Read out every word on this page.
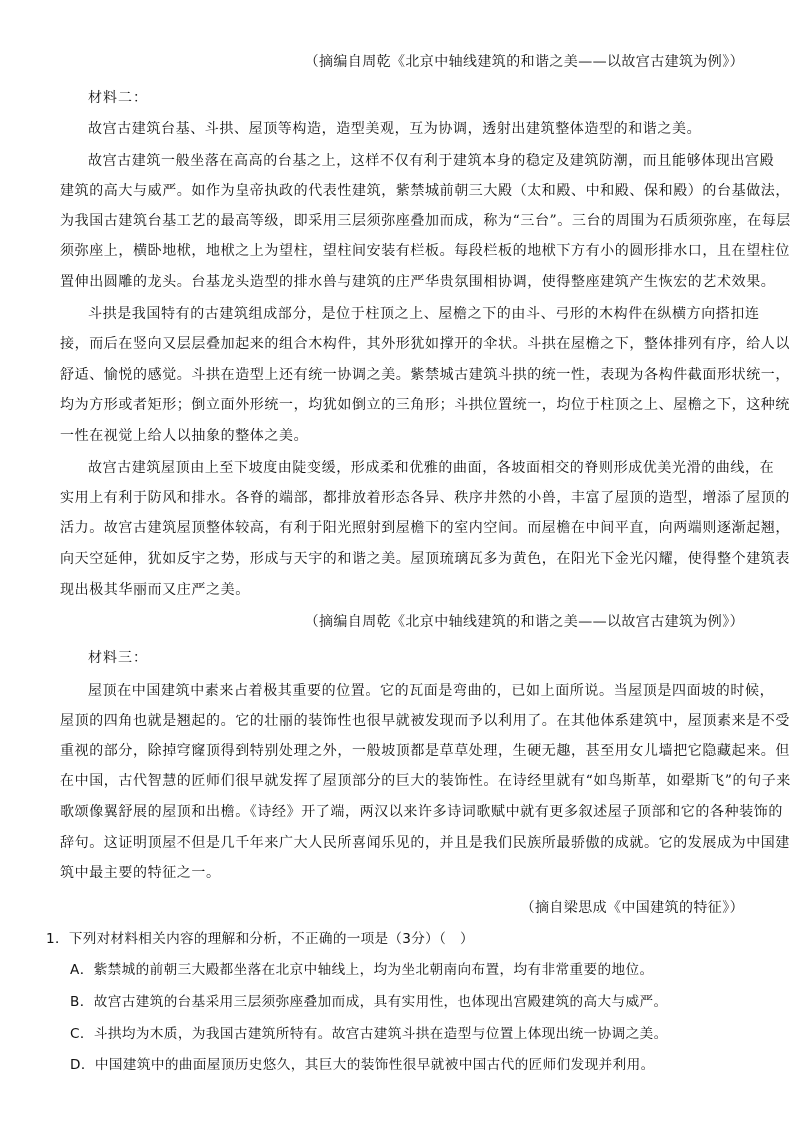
（摘编自周乾《北京中轴线建筑的和谐之美——以故宫古建筑为例》）
材料二：
故宫古建筑台基、斗拱、屋顶等构造，造型美观，互为协调，透射出建筑整体造型的和谐之美。
故宫古建筑一般坐落在高高的台基之上，这样不仅有利于建筑本身的稳定及建筑防潮，而且能够体现出宫殿
建筑的高大与威严。如作为皇帝执政的代表性建筑，紫禁城前朝三大殿（太和殿、中和殿、保和殿）的台基做法，
为我国古建筑台基工艺的最高等级，即采用三层须弥座叠加而成，称为“三台”。三台的周围为石质须弥座，在每层
须弥座上，横卧地栿，地栿之上为望柱，望柱间安装有栏板。每段栏板的地栿下方有小的圆形排水口，且在望柱位
置伸出圆雕的龙头。台基龙头造型的排水兽与建筑的庄严华贵氛围相协调，使得整座建筑产生恢宏的艺术效果。
斗拱是我国特有的古建筑组成部分，是位于柱顶之上、屋檐之下的由斗、弓形的木构件在纵横方向搭扣连
接，而后在竖向又层层叠加起来的组合木构件，其外形犹如撑开的伞状。斗拱在屋檐之下，整体排列有序，给人以
舒适、愉悦的感觉。斗拱在造型上还有统一协调之美。紫禁城古建筑斗拱的统一性，表现为各构件截面形状统一，
均为方形或者矩形；倒立面外形统一，均犹如倒立的三角形；斗拱位置统一，均位于柱顶之上、屋檐之下，这种统
一性在视觉上给人以抽象的整体之美。
故宫古建筑屋顶由上至下坡度由陡变缓，形成柔和优雅的曲面，各坡面相交的脊则形成优美光滑的曲线，在
实用上有利于防风和排水。各脊的端部，都排放着形态各异、秩序井然的小兽，丰富了屋顶的造型，增添了屋顶的
活力。故宫古建筑屋顶整体较高，有利于阳光照射到屋檐下的室内空间。而屋檐在中间平直，向两端则逐渐起翘，
向天空延伸，犹如反宇之势，形成与天宇的和谐之美。屋顶琉璃瓦多为黄色，在阳光下金光闪耀，使得整个建筑表
现出极其华丽而又庄严之美。
（摘编自周乾《北京中轴线建筑的和谐之美——以故宫古建筑为例》）
材料三：
屋顶在中国建筑中素来占着极其重要的位置。它的瓦面是弯曲的，已如上面所说。当屋顶是四面坡的时候，
屋顶的四角也就是翘起的。它的壮丽的装饰性也很早就被发现而予以利用了。在其他体系建筑中，屋顶素来是不受
重视的部分，除掉穹窿顶得到特别处理之外，一般坡顶都是草草处理，生硬无趣，甚至用女儿墙把它隐藏起来。但
在中国，古代智慧的匠师们很早就发挥了屋顶部分的巨大的装饰性。在诗经里就有“如鸟斯革，如翚斯飞”的句子来
歌颂像翼舒展的屋顶和出檐。《诗经》开了端，两汉以来许多诗词歌赋中就有更多叙述屋子顶部和它的各种装饰的
辞句。这证明顶屋不但是几千年来广大人民所喜闻乐见的，并且是我们民族所最骄傲的成就。它的发展成为中国建
筑中最主要的特征之一。
（摘自梁思成《中国建筑的特征》）
1．下列对材料相关内容的理解和分析，不正确的一项是（3分）（　）
A．紫禁城的前朝三大殿都坐落在北京中轴线上，均为坐北朝南向布置，均有非常重要的地位。
B．故宫古建筑的台基采用三层须弥座叠加而成，具有实用性，也体现出宫殿建筑的高大与威严。
C．斗拱均为木质，为我国古建筑所特有。故宫古建筑斗拱在造型与位置上体现出统一协调之美。
D．中国建筑中的曲面屋顶历史悠久，其巨大的装饰性很早就被中国古代的匠师们发现并利用。
